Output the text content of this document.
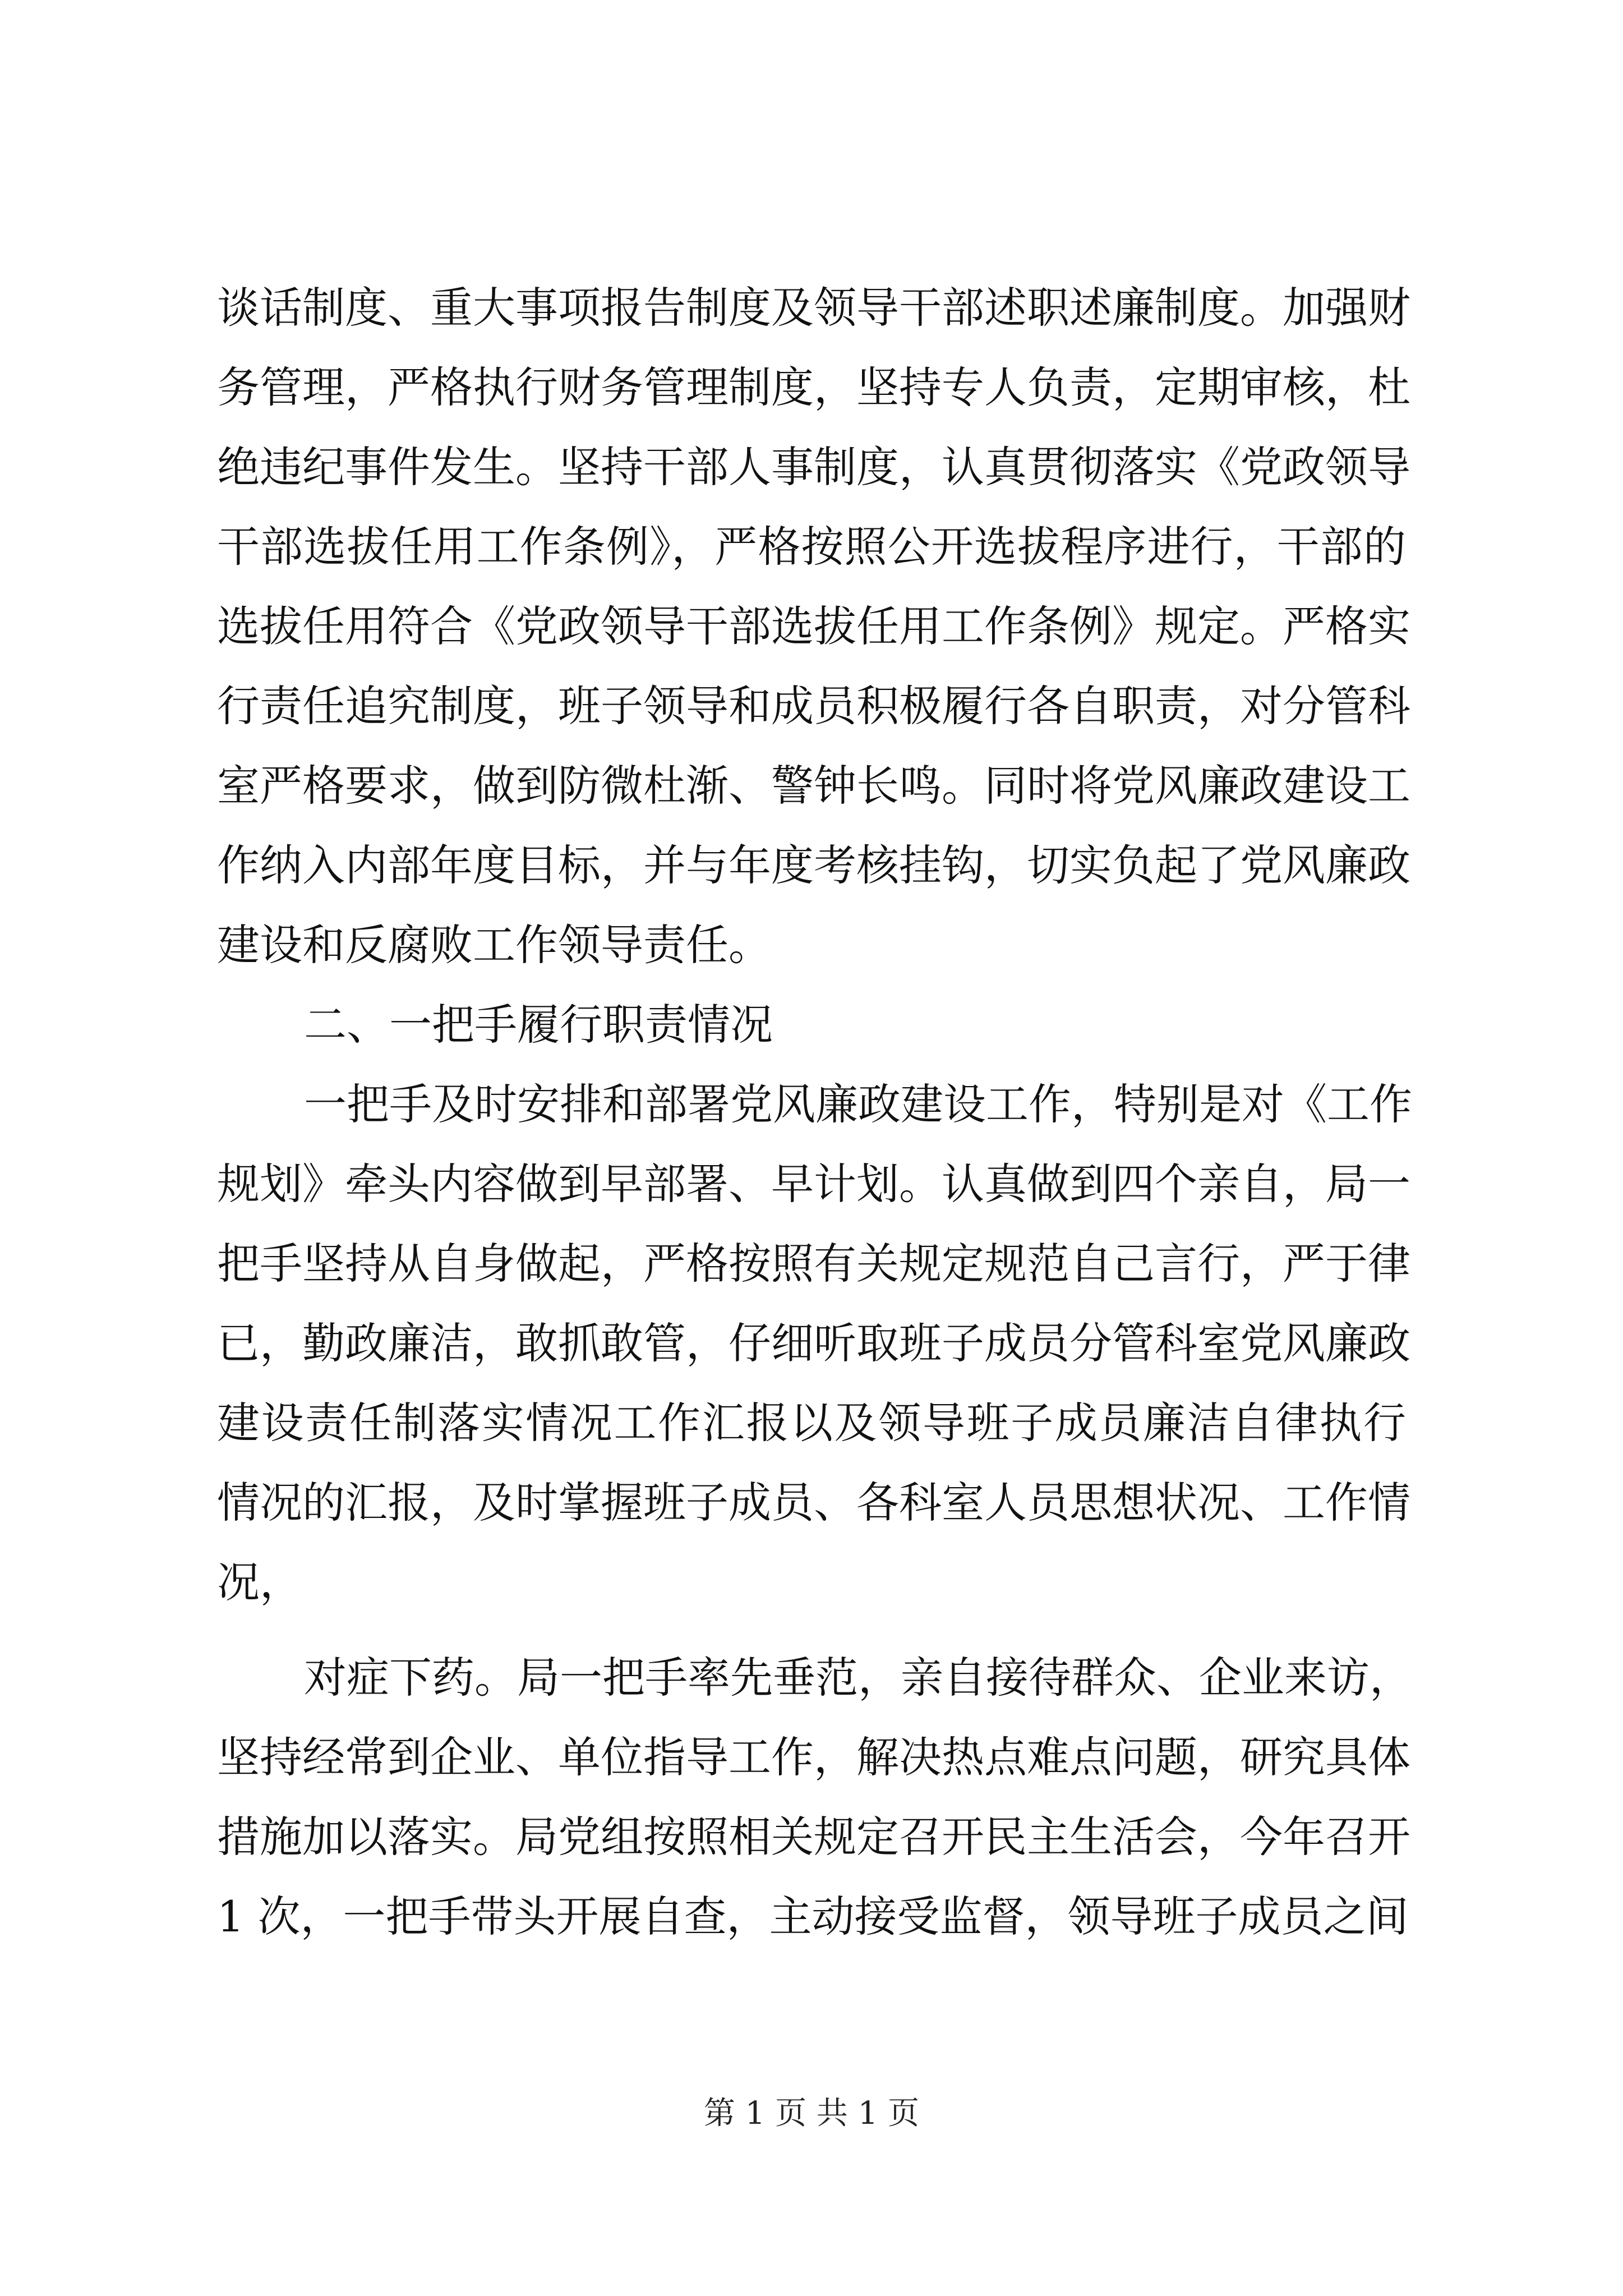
谈话制度、重大事项报告制度及领导干部述职述廉制度。加强财
务管理，严格执行财务管理制度，坚持专人负责，定期审核，杜
绝违纪事件发生。坚持干部人事制度，认真贯彻落实《党政领导
干部选拔任用工作条例》，严格按照公开选拔程序进行，干部的
选拔任用符合《党政领导干部选拔任用工作条例》规定。严格实
行责任追究制度，班子领导和成员积极履行各自职责，对分管科
室严格要求，做到防微杜渐、警钟长鸣。同时将党风廉政建设工
作纳入内部年度目标，并与年度考核挂钩，切实负起了党风廉政
建设和反腐败工作领导责任。
二、一把手履行职责情况
一把手及时安排和部署党风廉政建设工作，特别是对《工作
规划》牵头内容做到早部署、早计划。认真做到四个亲自，局一
把手坚持从自身做起，严格按照有关规定规范自己言行，严于律
已，勤政廉洁，敢抓敢管，仔细听取班子成员分管科室党风廉政
建设责任制落实情况工作汇报以及领导班子成员廉洁自律执行
情况的汇报，及时掌握班子成员、各科室人员思想状况、工作情
况，
对症下药。局一把手率先垂范，亲自接待群众、企业来访，
坚持经常到企业、单位指导工作，解决热点难点问题，研究具体
措施加以落实。局党组按照相关规定召开民主生活会，今年召开
1 次，一把手带头开展自查，主动接受监督，领导班子成员之间
第 1 页 共 1 页
